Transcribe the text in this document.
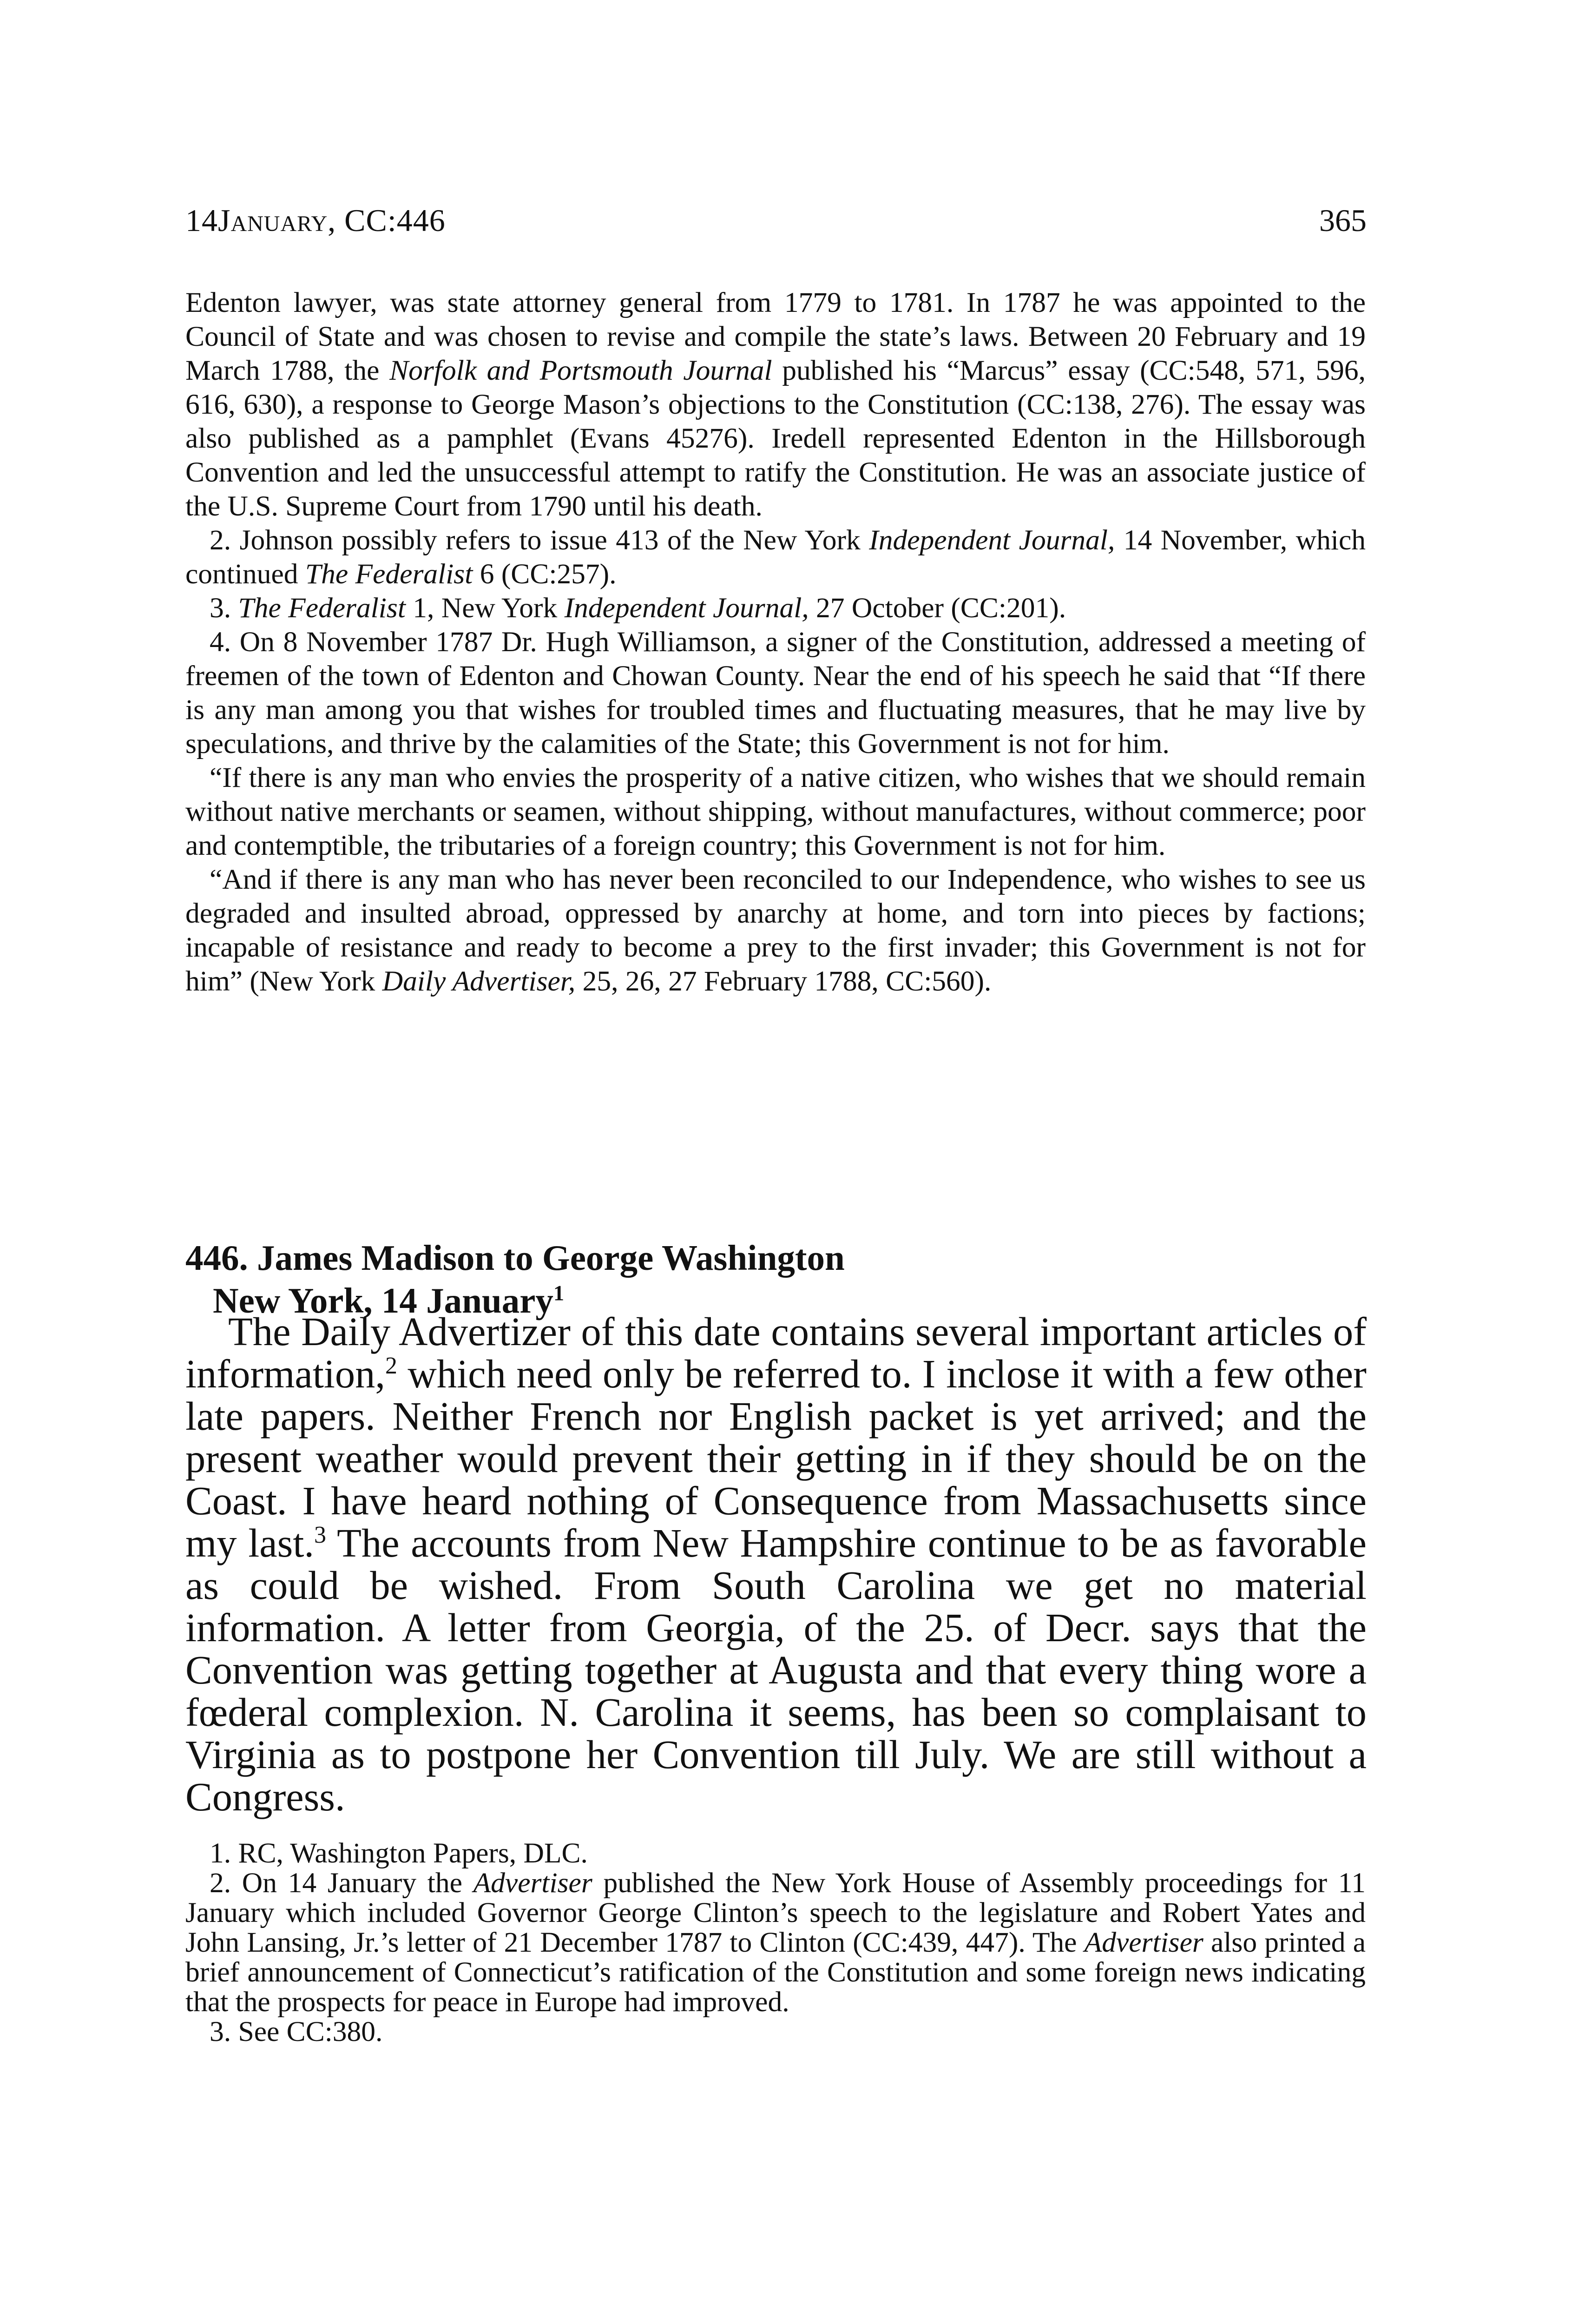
14January, CC:446	365

Edenton lawyer, was state attorney general from 1779 to 1781. In 1787 he was appointed to the Council of State and was chosen to revise and compile the state’s laws. Between 20 February and 19 March 1788, the Norfolk and Portsmouth Journal published his “Marcus” essay (CC:548, 571, 596, 616, 630), a response to George Mason’s objections to the Constitution (CC:138, 276). The essay was also published as a pamphlet (Evans 45276). Iredell represented Edenton in the Hillsborough Convention and led the unsuccessful attempt to ratify the Constitution. He was an associate justice of the U.S. Supreme Court from 1790 until his death.

2. Johnson possibly refers to issue 413 of the New York Independent Journal, 14 November, which continued The Federalist 6 (CC:257).

3. The Federalist 1, New York Independent Journal, 27 October (CC:201).

4. On 8 November 1787 Dr. Hugh Williamson, a signer of the Constitution, addressed a meeting of freemen of the town of Edenton and Chowan County. Near the end of his speech he said that “If there is any man among you that wishes for troubled times and fluctuating measures, that he may live by speculations, and thrive by the calamities of the State; this Government is not for him.

“If there is any man who envies the prosperity of a native citizen, who wishes that we should remain without native merchants or seamen, without shipping, without manufactures, without commerce; poor and contemptible, the tributaries of a foreign country; this Government is not for him.

“And if there is any man who has never been reconciled to our Independence, who wishes to see us degraded and insulted abroad, oppressed by anarchy at home, and torn into pieces by factions; incapable of resistance and ready to become a prey to the first invader; this Government is not for him” (New York Daily Advertiser, 25, 26, 27 February 1788, CC:560).

446. James Madison to George Washington
New York, 14 January$^1$

The Daily Advertizer of this date contains several important articles of information,$^2$ which need only be referred to. I inclose it with a few other late papers. Neither French nor English packet is yet arrived; and the present weather would prevent their getting in if they should be on the Coast. I have heard nothing of Consequence from Massachusetts since my last.$^3$ The accounts from New Hampshire continue to be as favorable as could be wished. From South Carolina we get no material information. A letter from Georgia, of the 25. of Decr. says that the Convention was getting together at Augusta and that every thing wore a fœderal complexion. N. Carolina it seems, has been so complaisant to Virginia as to postpone her Convention till July. We are still without a Congress.

1. RC, Washington Papers, DLC.

2. On 14 January the Advertiser published the New York House of Assembly proceedings for 11 January which included Governor George Clinton’s speech to the legislature and Robert Yates and John Lansing, Jr.’s letter of 21 December 1787 to Clinton (CC:439, 447). The Advertiser also printed a brief announcement of Connecticut’s ratification of the Constitution and some foreign news indicating that the prospects for peace in Europe had improved.

3. See CC:380.
